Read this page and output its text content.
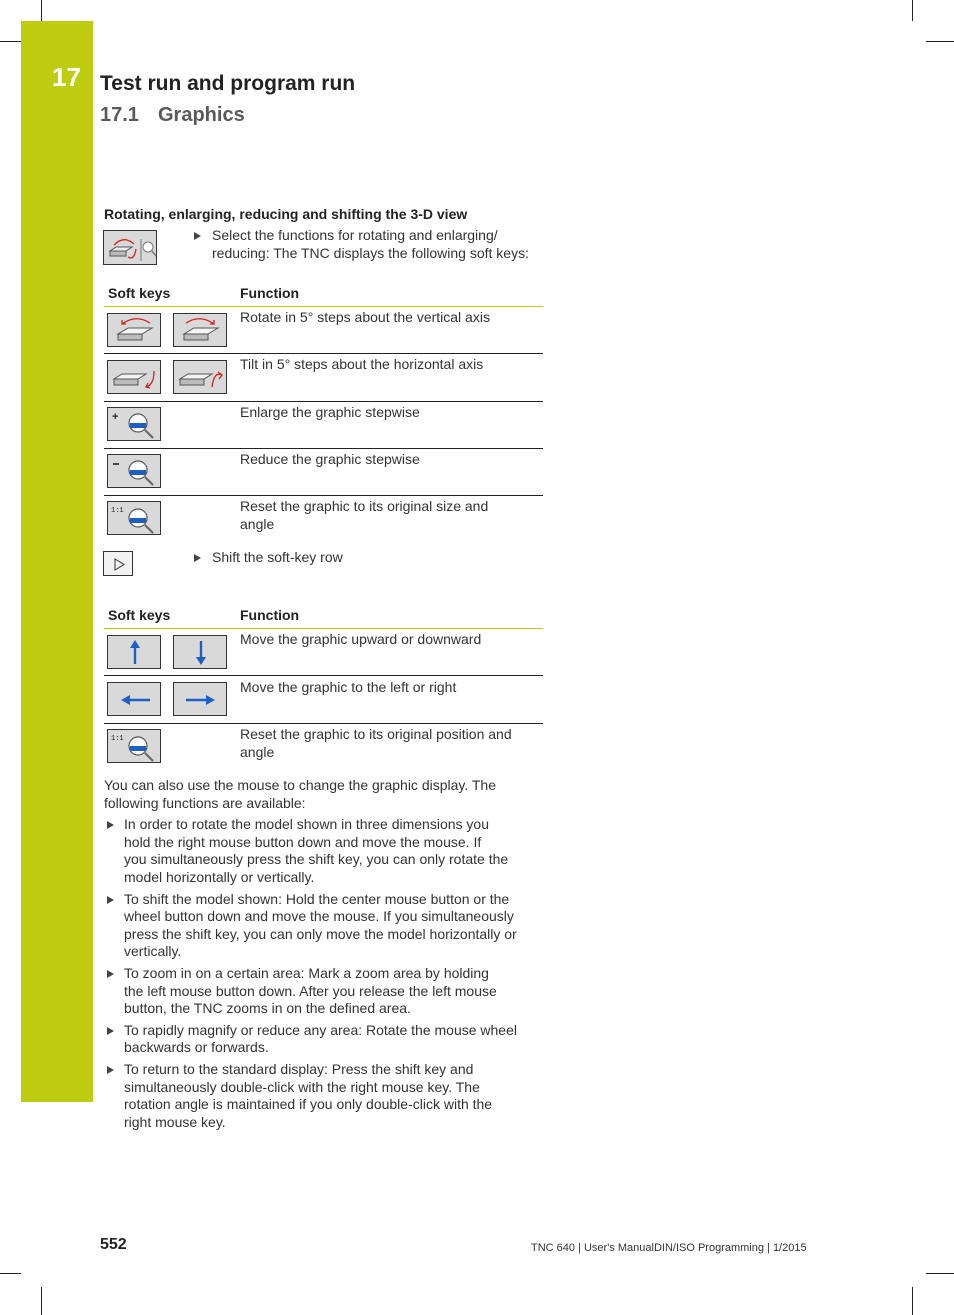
17 Test run and program run
17.1 Graphics
Rotating, enlarging, reducing and shifting the 3-D view
Select the functions for rotating and enlarging/
reducing: The TNC displays the following soft keys:
Soft keys	Function
Rotate in 5° steps about the vertical axis
Tilt in 5° steps about the horizontal axis
+	Enlarge the graphic stepwise
Reduce the graphic stepwise
1:1	Reset the graphic to its original size and
angle
Shift the soft-key row
Soft keys	Function
Move the graphic upward or downward
Move the graphic to the left or right
1:1	Reset the graphic to its original position and
angle
You can also use the mouse to change the graphic display. The
following functions are available:
In order to rotate the model shown in three dimensions you
hold the right mouse button down and move the mouse. If
you simultaneously press the shift key, you can only rotate the
model horizontally or vertically.
To shift the model shown: Hold the center mouse button or the
wheel button down and move the mouse. If you simultaneously
press the shift key, you can only move the model horizontally or
vertically.
To zoom in on a certain area: Mark a zoom area by holding
the left mouse button down. After you release the left mouse
button, the TNC zooms in on the defined area.
To rapidly magnify or reduce any area: Rotate the mouse wheel
backwards or forwards.
To return to the standard display: Press the shift key and
simultaneously double-click with the right mouse key. The
rotation angle is maintained if you only double-click with the
right mouse key.
552	TNC 640 | User's ManualDIN/ISO Programming | 1/2015
